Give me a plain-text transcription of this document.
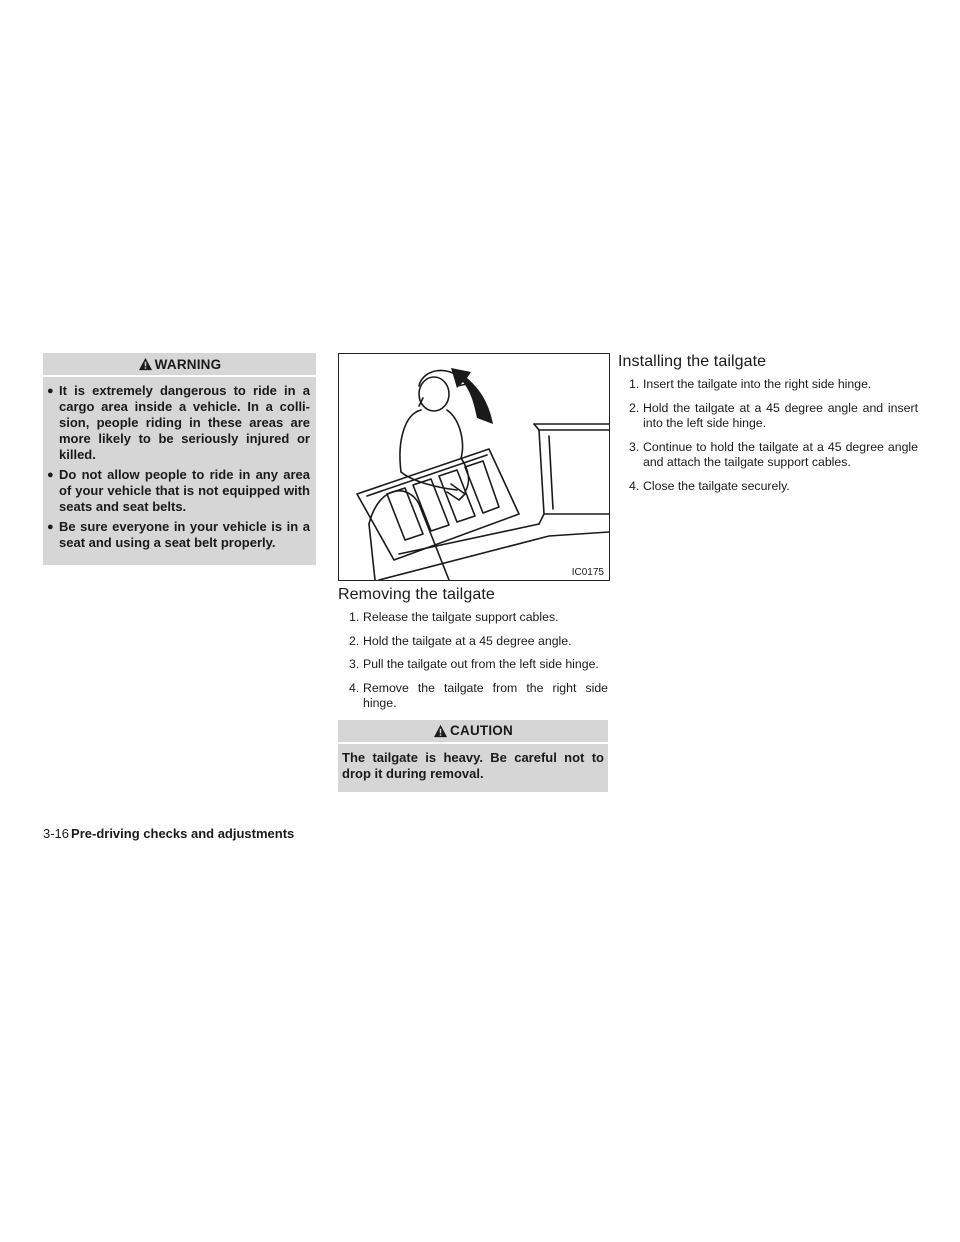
WARNING
● It is extremely dangerous to ride in a cargo area inside a vehicle. In a colli-sion, people riding in these areas are more likely to be seriously injured or killed.
● Do not allow people to ride in any area of your vehicle that is not equipped with seats and seat belts.
● Be sure everyone in your vehicle is in a seat and using a seat belt properly.
IC0175
Removing the tailgate
1. Release the tailgate support cables.
2. Hold the tailgate at a 45 degree angle.
3. Pull the tailgate out from the left side hinge.
4. Remove the tailgate from the right side hinge.
CAUTION
The tailgate is heavy. Be careful not to drop it during removal.
Installing the tailgate
1. Insert the tailgate into the right side hinge.
2. Hold the tailgate at a 45 degree angle and insert into the left side hinge.
3. Continue to hold the tailgate at a 45 degree angle and attach the tailgate support cables.
4. Close the tailgate securely.
3-16 Pre-driving checks and adjustments
